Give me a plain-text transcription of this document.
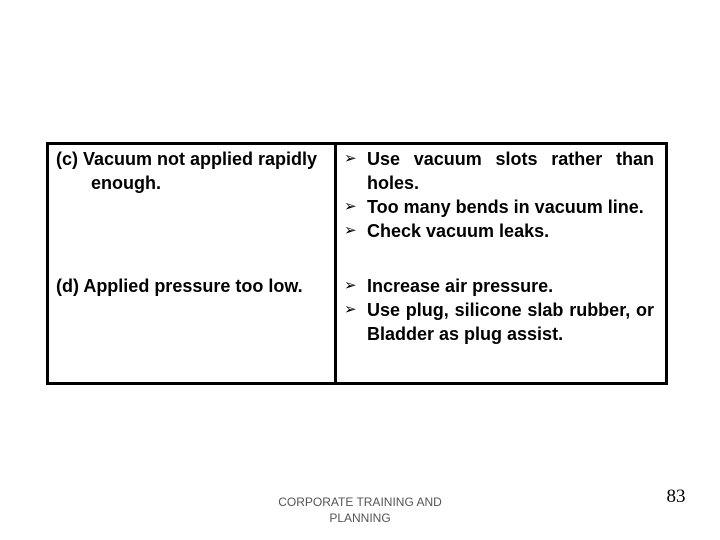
(c) Vacuum not applied rapidly enough.
➢ Use vacuum slots rather than holes.
➢ Too many bends in vacuum line.
➢ Check vacuum leaks.
(d) Applied pressure too low.	➢ Increase air pressure.
➢ Use plug, silicone slab rubber, or Bladder as plug assist.
CORPORATE TRAINING AND PLANNING
83
